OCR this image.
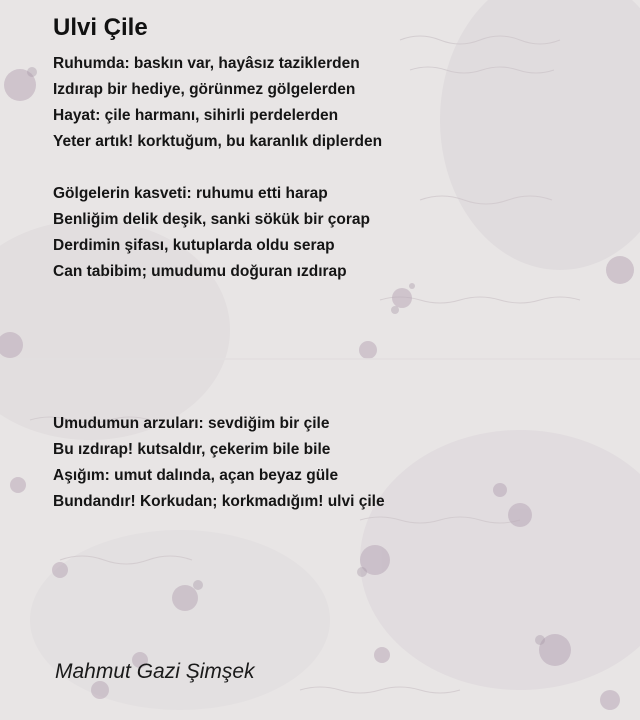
Ulvi Çile
Ruhumda: baskın var, hayâsız taziklerden
Izdırap bir hediye, görünmez gölgelerden
Hayat: çile harmanı, sihirli perdelerden
Yeter artık! korktuğum, bu karanlık diplerden
Gölgelerin kasveti: ruhumu etti harap
Benliğim delik deşik, sanki sökük bir çorap
Derdimin şifası, kutuplarda oldu serap
Can tabibim; umudumu doğuran ızdırap
Umudumun arzuları: sevdiğim bir çile
Bu ızdırap! kutsaldır, çekerim bile bile
Aşığım: umut dalında, açan beyaz güle
Bundandır! Korkudan; korkmadığım! ulvi çile

Mahmut Gazi Şimşek
